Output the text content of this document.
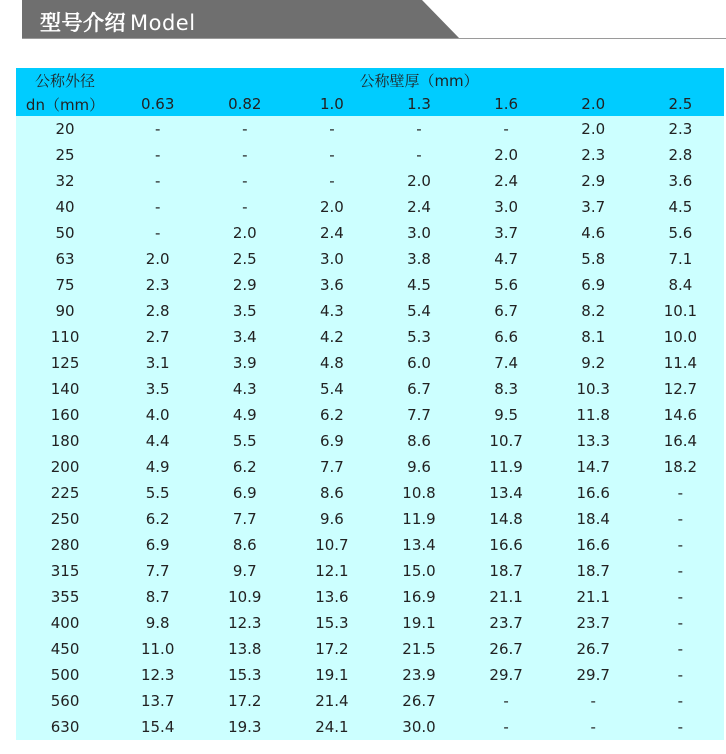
型号介绍 Model
公称外径	公称壁厚（mm）						
dn（mm）	0.63	0.82	1.0	1.3	1.6	2.0	2.5
20	-	-	-	-	-	2.0	2.3
25	-	-	-	-	2.0	2.3	2.8
32	-	-	-	2.0	2.4	2.9	3.6
40	-	-	2.0	2.4	3.0	3.7	4.5
50	-	2.0	2.4	3.0	3.7	4.6	5.6
63	2.0	2.5	3.0	3.8	4.7	5.8	7.1
75	2.3	2.9	3.6	4.5	5.6	6.9	8.4
90	2.8	3.5	4.3	5.4	6.7	8.2	10.1
110	2.7	3.4	4.2	5.3	6.6	8.1	10.0
125	3.1	3.9	4.8	6.0	7.4	9.2	11.4
140	3.5	4.3	5.4	6.7	8.3	10.3	12.7
160	4.0	4.9	6.2	7.7	9.5	11.8	14.6
180	4.4	5.5	6.9	8.6	10.7	13.3	16.4
200	4.9	6.2	7.7	9.6	11.9	14.7	18.2
225	5.5	6.9	8.6	10.8	13.4	16.6	-
250	6.2	7.7	9.6	11.9	14.8	18.4	-
280	6.9	8.6	10.7	13.4	16.6	16.6	-
315	7.7	9.7	12.1	15.0	18.7	18.7	-
355	8.7	10.9	13.6	16.9	21.1	21.1	-
400	9.8	12.3	15.3	19.1	23.7	23.7	-
450	11.0	13.8	17.2	21.5	26.7	26.7	-
500	12.3	15.3	19.1	23.9	29.7	29.7	-
560	13.7	17.2	21.4	26.7	-	-	-
630	15.4	19.3	24.1	30.0	-	-	-
